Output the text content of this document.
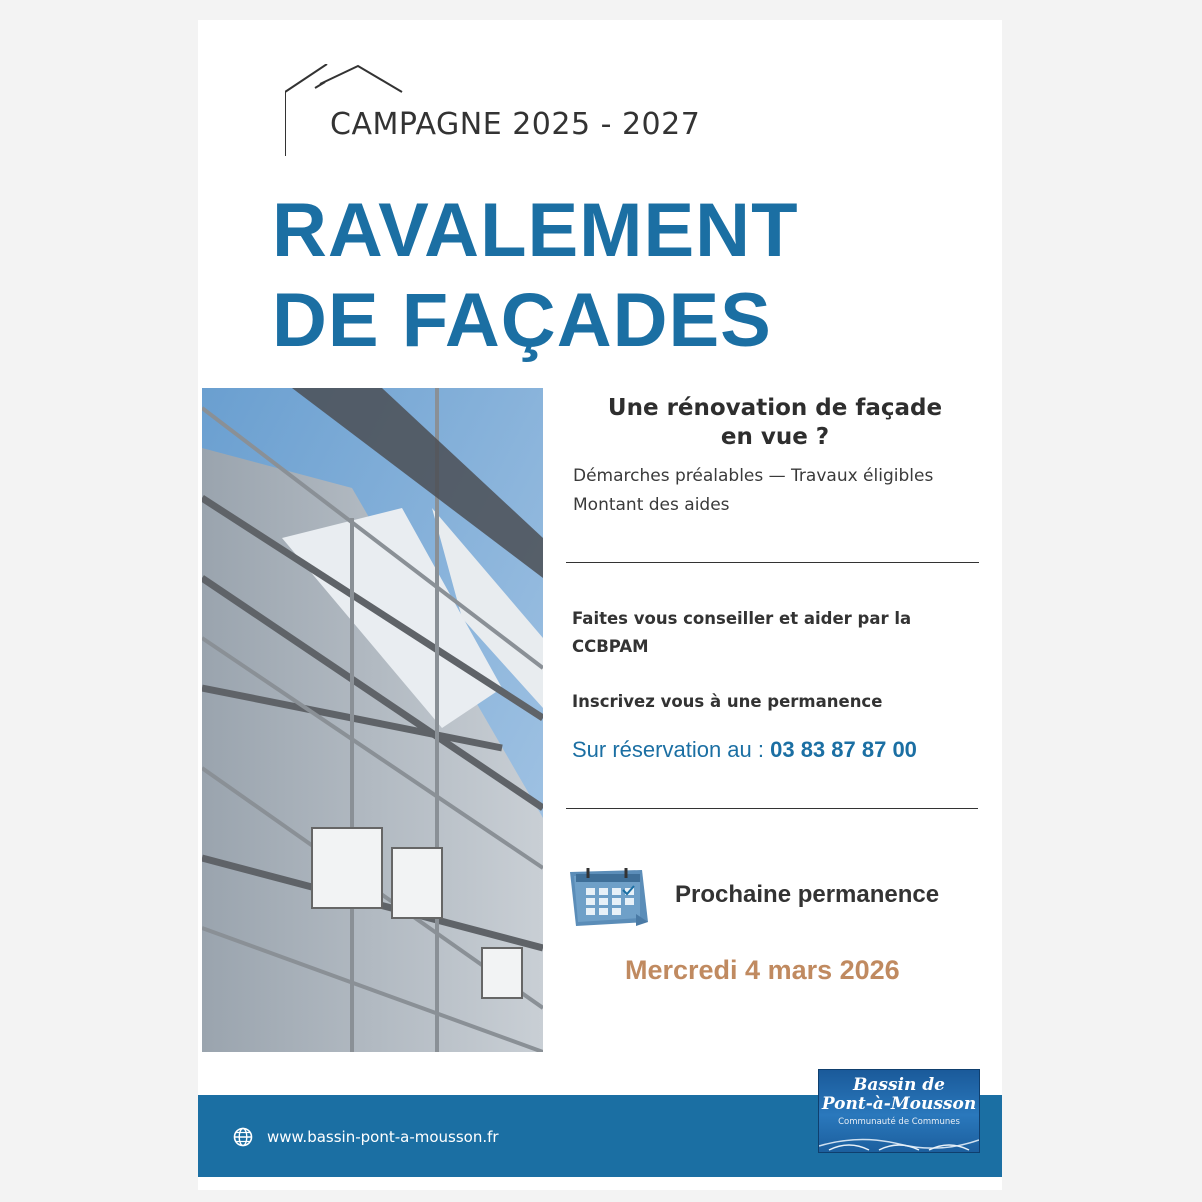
CAMPAGNE 2025 - 2027
RAVALEMENT
DE FAÇADES
Une rénovation de façade
en vue ?
Démarches préalables — Travaux éligibles
Montant des aides

Faites vous conseiller et aider par la
CCBPAM

Inscrivez vous à une permanence

Sur réservation au : 03 83 87 87 00

Prochaine permanence

Mercredi 4 mars 2026

www.bassin-pont-a-mousson.fr

Bassin de
Pont-à-Mousson
Communauté de Communes
